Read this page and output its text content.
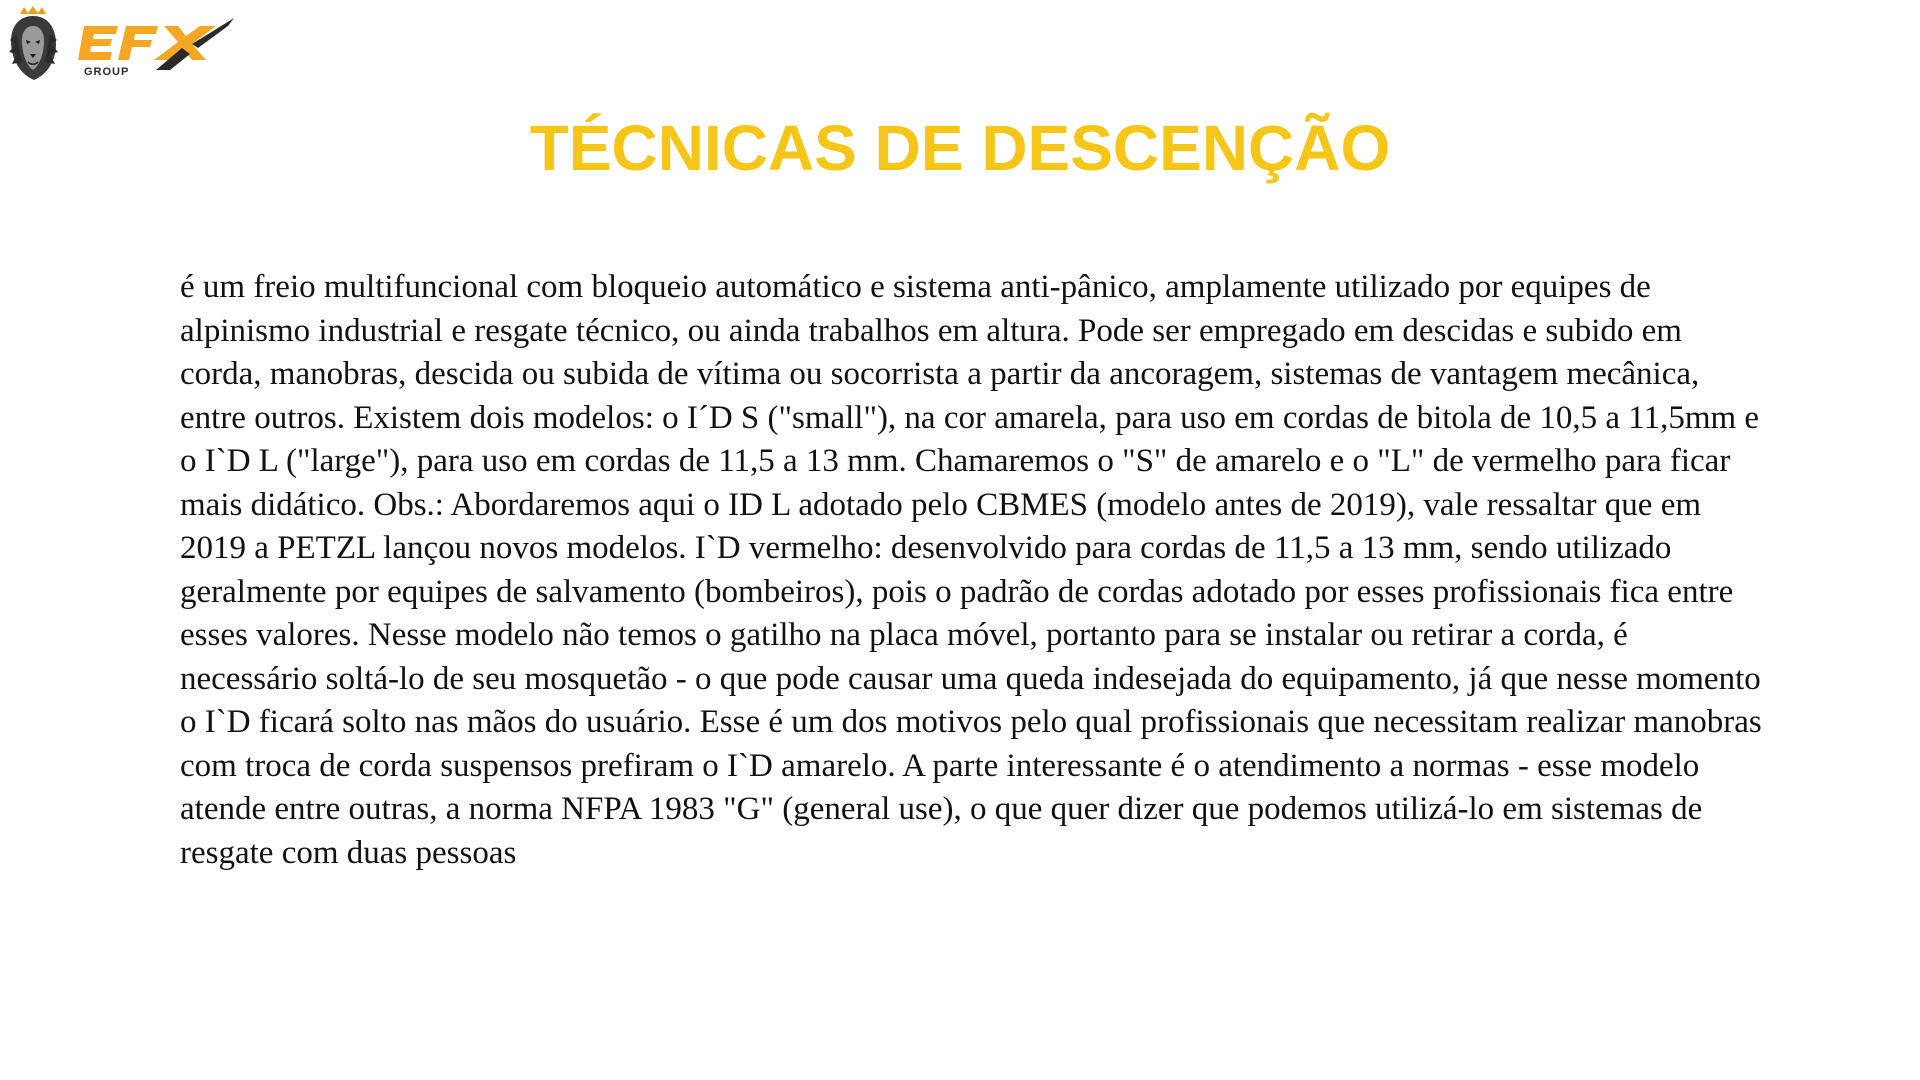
GROUP
TÉCNICAS DE DESCENÇÃO

é um freio multifuncional com bloqueio automático e sistema anti-pânico, amplamente utilizado por equipes de alpinismo industrial e resgate técnico, ou ainda trabalhos em altura. Pode ser empregado em descidas e subido em corda, manobras, descida ou subida de vítima ou socorrista a partir da ancoragem, sistemas de vantagem mecânica, entre outros. Existem dois modelos: o I´D S ("small"), na cor amarela, para uso em cordas de bitola de 10,5 a 11,5mm e o I`D L ("large"), para uso em cordas de 11,5 a 13 mm. Chamaremos o "S" de amarelo e o "L" de vermelho para ficar mais didático. Obs.: Abordaremos aqui o ID L adotado pelo CBMES (modelo antes de 2019), vale ressaltar que em 2019 a PETZL lançou novos modelos. I`D vermelho: desenvolvido para cordas de 11,5 a 13 mm, sendo utilizado geralmente por equipes de salvamento (bombeiros), pois o padrão de cordas adotado por esses profissionais fica entre esses valores. Nesse modelo não temos o gatilho na placa móvel, portanto para se instalar ou retirar a corda, é necessário soltá-lo de seu mosquetão - o que pode causar uma queda indesejada do equipamento, já que nesse momento o I`D ficará solto nas mãos do usuário. Esse é um dos motivos pelo qual profissionais que necessitam realizar manobras com troca de corda suspensos prefiram o I`D amarelo. A parte interessante é o atendimento a normas - esse modelo atende entre outras, a norma NFPA 1983 "G" (general use), o que quer dizer que podemos utilizá-lo em sistemas de resgate com duas pessoas
